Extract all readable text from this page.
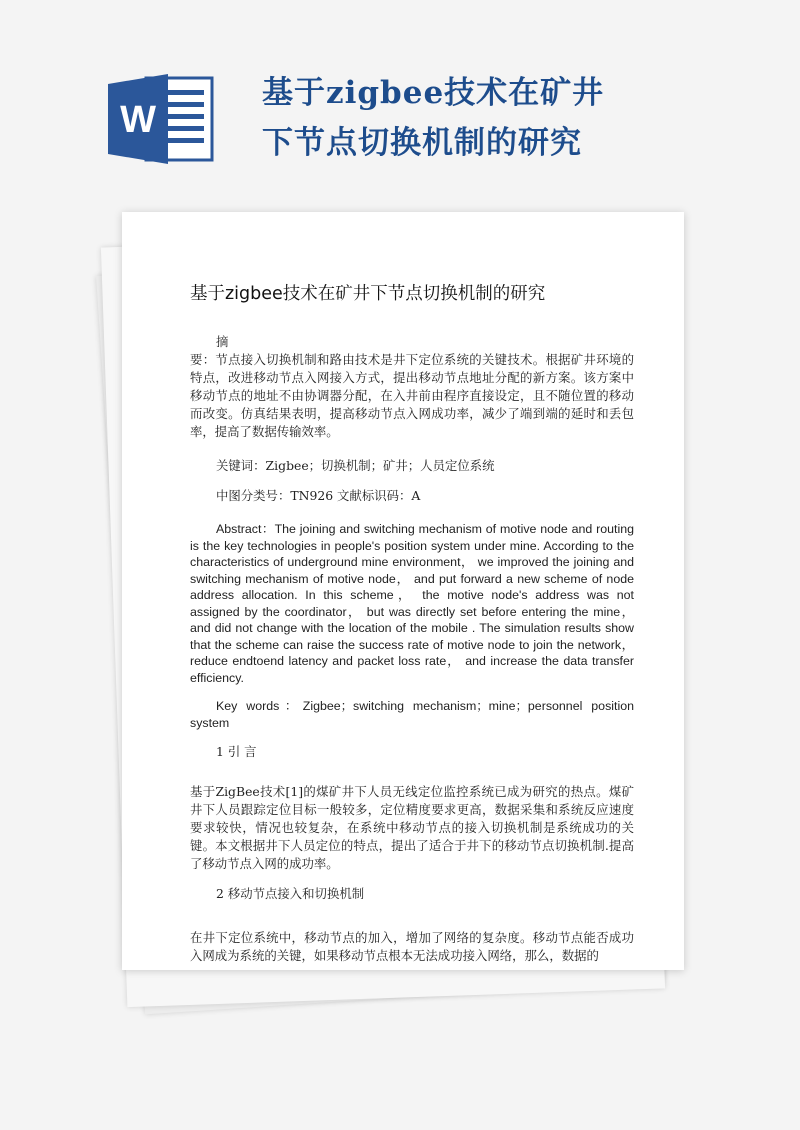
W
基于zigbee技术在矿井
下节点切换机制的研究
基于zigbee技术在矿井下节点切换机制的研究
摘

要：节点接入切换机制和路由技术是井下定位系统的关键技术。根据矿井环境的特点，改进移动节点入网接入方式，提出移动节点地址分配的新方案。该方案中移动节点的地址不由协调器分配，在入井前由程序直接设定，且不随位置的移动而改变。仿真结果表明，提高移动节点入网成功率，减少了端到端的延时和丢包率，提高了数据传输效率。

关键词：Zigbee；切换机制；矿井；人员定位系统

中图分类号：TN926 文献标识码：A

Abstract：The joining and switching mechanism of motive node and routing is the key technologies in people's position system under mine. According to the characteristics of underground mine environment， we improved the joining and switching mechanism of motive node， and put forward a new scheme of node address allocation. In this scheme， the motive node's address was not assigned by the coordinator， but was directly set before entering the mine， and did not change with the location of the mobile . The simulation results show that the scheme can raise the success rate of motive node to join the network， reduce endtoend latency and packet loss rate， and increase the data transfer efficiency.

Key words：Zigbee；switching mechanism；mine；personnel position system

1 引 言

基于ZigBee技术[1]的煤矿井下人员无线定位监控系统已成为研究的热点。煤矿井下人员跟踪定位目标一般较多，定位精度要求更高，数据采集和系统反应速度要求较快，情况也较复杂，在系统中移动节点的接入切换机制是系统成功的关键。本文根据井下人员定位的特点，提出了适合于井下的移动节点切换机制.提高了移动节点入网的成功率。

2 移动节点接入和切换机制

在井下定位系统中，移动节点的加入，增加了网络的复杂度。移动节点能否成功入网成为系统的关键，如果移动节点根本无法成功接入网络，那么，数据的
